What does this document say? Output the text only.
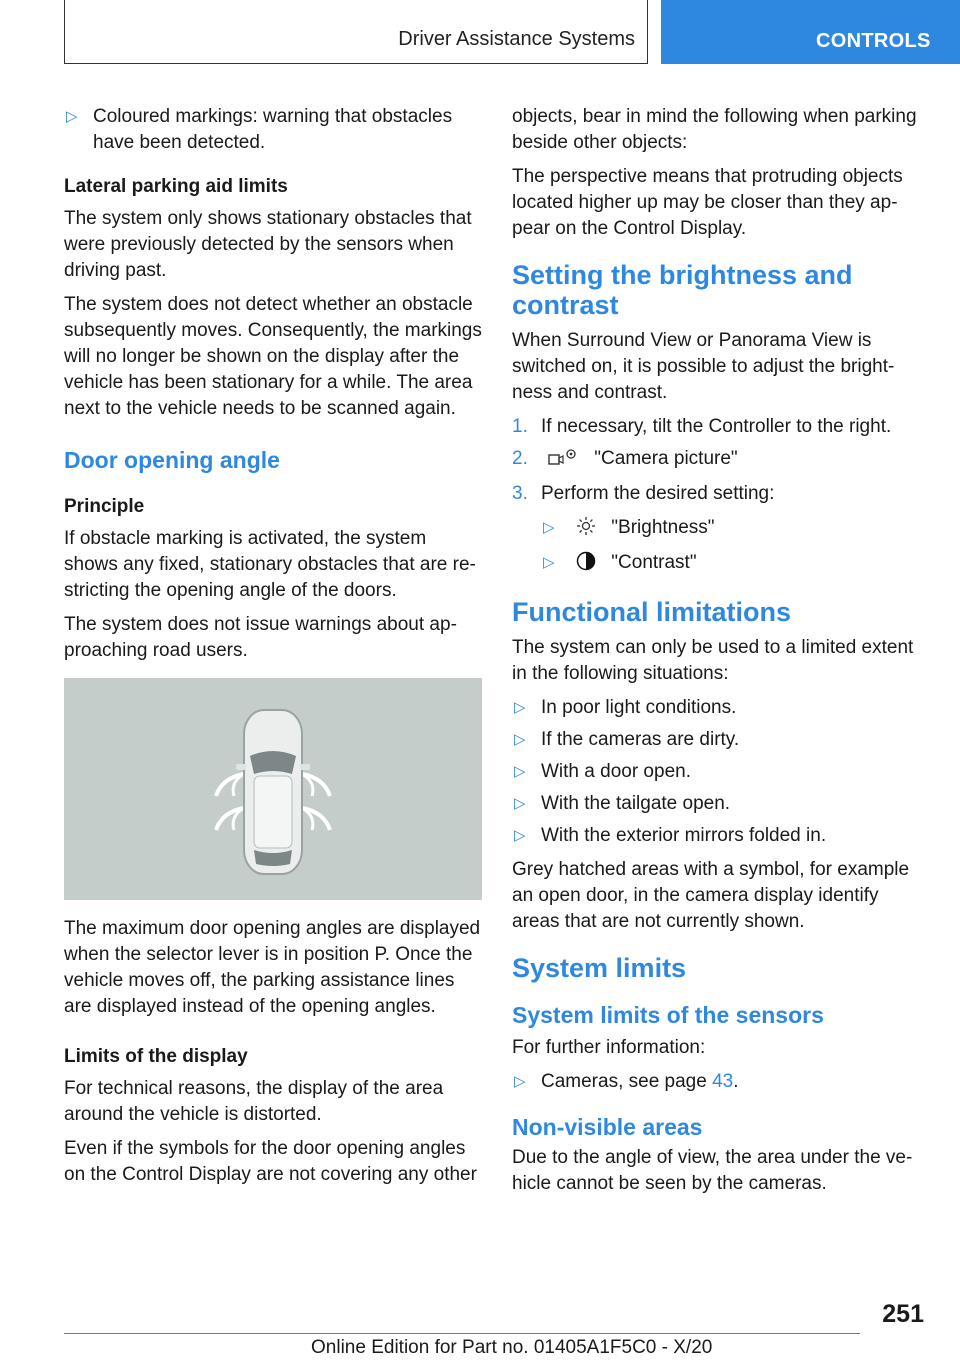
Driver Assistance Systems	CONTROLS
▷ Coloured markings: warning that obstacles have been detected.
Lateral parking aid limits

The system only shows stationary obstacles that were previously detected by the sensors when driving past.

The system does not detect whether an obstacle subsequently moves. Consequently, the markings will no longer be shown on the display after the vehicle has been stationary for a while. The area next to the vehicle needs to be scanned again.

Door opening angle
Principle

If obstacle marking is activated, the system shows any fixed, stationary obstacles that are restricting the opening angle of the doors.

The system does not issue warnings about approaching road users.

The maximum door opening angles are displayed when the selector lever is in position P. Once the vehicle moves off, the parking assistance lines are displayed instead of the opening angles.

Limits of the display

For technical reasons, the display of the area around the vehicle is distorted.

Even if the symbols for the door opening angles on the Control Display are not covering any other

objects, bear in mind the following when parking beside other objects:

The perspective means that protruding objects located higher up may be closer than they appear on the Control Display.

Setting the brightness and contrast

When Surround View or Panorama View is switched on, it is possible to adjust the brightness and contrast.

1. If necessary, tilt the Controller to the right.
2.	"Camera picture"
3. Perform the desired setting:
▷	"Brightness"
▷	"Contrast"
Functional limitations

The system can only be used to a limited extent in the following situations:

▷ In poor light conditions.
▷ If the cameras are dirty.
▷ With a door open.
▷ With the tailgate open.
▷ With the exterior mirrors folded in.

Grey hatched areas with a symbol, for example an open door, in the camera display identify areas that are not currently shown.

System limits
System limits of the sensors

For further information:

▷ Cameras, see page 43.
Non-visible areas

Due to the angle of view, the area under the vehicle cannot be seen by the cameras.

251
Online Edition for Part no. 01405A1F5C0 - X/20
